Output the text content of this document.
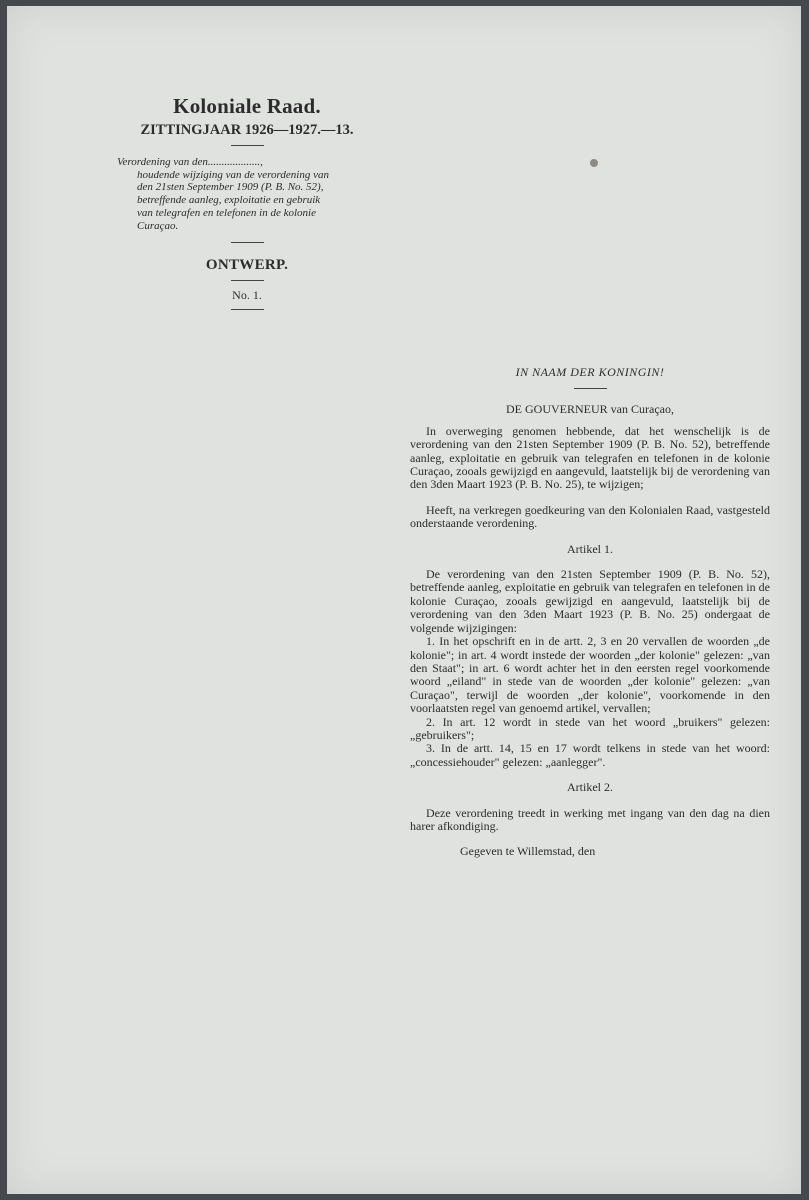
Koloniale Raad.
ZITTINGJAAR 1926—1927.—13.
Verordening van den...................,
houdende wijziging van de verordening van
den 21sten September 1909 (P. B. No. 52),
betreffende aanleg, exploitatie en gebruik
van telegrafen en telefonen in de kolonie
Curaçao.
ONTWERP.
No. 1.
IN NAAM DER KONINGIN!
DE GOUVERNEUR van Curaçao,

In overweging genomen hebbende, dat het wenschelijk is de verordening van den 21sten September 1909 (P. B. No. 52), betreffende aanleg, exploitatie en gebruik van telegrafen en telefonen in de kolonie Curaçao, zooals gewijzigd en aangevuld, laatstelijk bij de verordening van den 3den Maart 1923 (P. B. No. 25), te wijzigen;

Heeft, na verkregen goedkeuring van den Kolonialen Raad, vastgesteld onderstaande verordening.

Artikel 1.

De verordening van den 21sten September 1909 (P. B. No. 52), betreffende aanleg, exploitatie en gebruik van telegrafen en telefonen in de kolonie Curaçao, zooals gewijzigd en aangevuld, laatstelijk bij de verordening van den 3den Maart 1923 (P. B. No. 25) ondergaat de volgende wijzigingen:

1. In het opschrift en in de artt. 2, 3 en 20 vervallen de woorden „de kolonie"; in art. 4 wordt instede der woorden „der kolonie" gelezen: „van den Staat"; in art. 6 wordt achter het in den eersten regel voorkomende woord „eiland" in stede van de woorden „der kolonie" gelezen: „van Curaçao", terwijl de woorden „der kolonie", voorkomende in den voorlaatsten regel van genoemd artikel, vervallen;

2. In art. 12 wordt in stede van het woord „bruikers" gelezen: „gebruikers";

3. In de artt. 14, 15 en 17 wordt telkens in stede van het woord: „concessiehouder" gelezen: „aanlegger".

Artikel 2.

Deze verordening treedt in werking met ingang van den dag na dien harer afkondiging.

Gegeven te Willemstad, den
